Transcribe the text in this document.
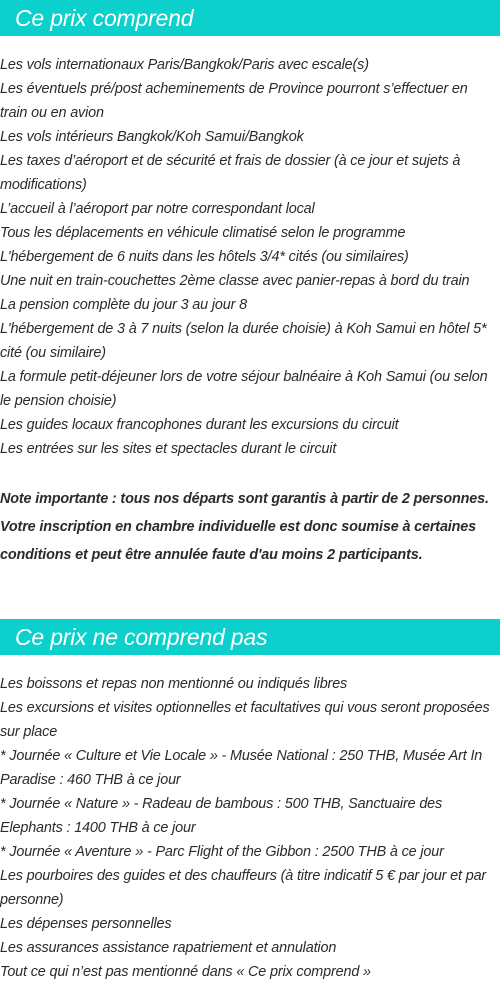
Ce prix comprend
Les vols internationaux Paris/Bangkok/Paris avec escale(s)
Les éventuels pré/post acheminements de Province pourront s’effectuer en train ou en avion
Les vols intérieurs Bangkok/Koh Samui/Bangkok
Les taxes d’aéroport et de sécurité et frais de dossier (à ce jour et sujets à modifications)
L’accueil à l’aéroport par notre correspondant local
Tous les déplacements en véhicule climatisé selon le programme
L'hébergement de 6 nuits dans les hôtels 3/4* cités (ou similaires)
Une nuit en train-couchettes 2ème classe avec panier-repas à bord du train
La pension complète du jour 3 au jour 8
L'hébergement de 3 à 7 nuits (selon la durée choisie) à Koh Samui en hôtel 5* cité (ou similaire)
La formule petit-déjeuner lors de votre séjour balnéaire à Koh Samui (ou selon le pension choisie)
Les guides locaux francophones durant les excursions du circuit
Les entrées sur les sites et spectacles durant le circuit
Note importante : tous nos départs sont garantis à partir de 2 personnes. Votre inscription en chambre individuelle est donc soumise à certaines conditions et peut être annulée faute d'au moins 2 participants.
Ce prix ne comprend pas
Les boissons et repas non mentionné ou indiqués libres
Les excursions et visites optionnelles et facultatives qui vous seront proposées sur place
* Journée « Culture et Vie Locale » - Musée National : 250 THB, Musée Art In Paradise : 460 THB à ce jour
* Journée « Nature » - Radeau de bambous : 500 THB, Sanctuaire des Elephants : 1400 THB à ce jour
* Journée « Aventure » - Parc Flight of the Gibbon : 2500 THB à ce jour
Les pourboires des guides et des chauffeurs (à titre indicatif 5 € par jour et par personne)
Les dépenses personnelles
Les assurances assistance rapatriement et annulation
Tout ce qui n’est pas mentionné dans « Ce prix comprend »
